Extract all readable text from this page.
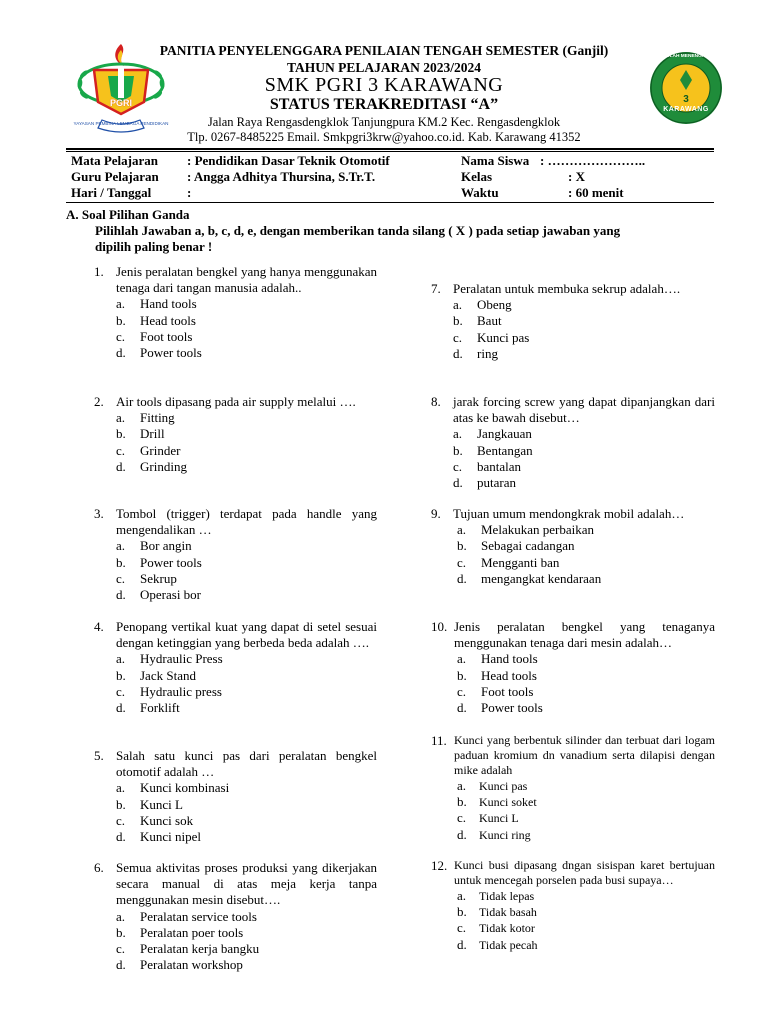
PGRI
YAYASAN PEMBINA LEMBAGA PENDIDIKAN
SEKOLAH MENENGAH KEJURUAN
3
KARAWANG
PANITIA PENYELENGGARA PENILAIAN TENGAH SEMESTER (Ganjil)
TAHUN PELAJARAN 2023/2024
SMK PGRI 3 KARAWANG
STATUS TERAKREDITASI “A”
Jalan Raya Rengasdengklok Tanjungpura KM.2 Kec. Rengasdengklok
Tlp. 0267-8485225 Email. Smkpgri3krw@yahoo.co.id. Kab. Karawang 41352
Mata Pelajaran : Pendidikan Dasar Teknik Otomotif
Guru Pelajaran : Angga Adhitya Thursina, S.Tr.T.
Hari / Tanggal	:
Nama Siswa : …………………..
Kelas	: X
Waktu	: 60 menit
A. Soal Pilihan Ganda
Pilihlah Jawaban a, b, c, d, e, dengan memberikan tanda silang ( X ) pada setiap jawaban yang
dipilih paling benar !
1. Jenis peralatan bengkel yang hanya menggunakan tenaga dari tangan manusia adalah..
a. Hand tools
b. Head tools
c. Foot tools
d. Power tools
2. Air tools dipasang pada air supply melalui ….
a. Fitting
b. Drill
c. Grinder
d. Grinding
3. Tombol (trigger) terdapat pada handle yang mengendalikan …
a. Bor angin
b. Power tools
c. Sekrup
d. Operasi bor
4. Penopang vertikal kuat yang dapat di setel sesuai dengan ketinggian yang berbeda beda adalah ….
a. Hydraulic Press
b. Jack Stand
c. Hydraulic press
d. Forklift
5. Salah satu kunci pas dari peralatan bengkel otomotif adalah …
a. Kunci kombinasi
b. Kunci L
c. Kunci sok
d. Kunci nipel
6. Semua aktivitas proses produksi yang dikerjakan secara manual di atas meja kerja tanpa menggunakan mesin disebut….
a. Peralatan service tools
b. Peralatan poer tools
c. Peralatan kerja bangku
d. Peralatan workshop
7. Peralatan untuk membuka sekrup adalah….
a. Obeng
b. Baut
c. Kunci pas
d. ring
8. jarak forcing screw yang dapat dipanjangkan dari atas ke bawah disebut…
a. Jangkauan
b. Bentangan
c. bantalan
d. putaran
9. Tujuan umum mendongkrak mobil adalah…
a. Melakukan perbaikan
b. Sebagai cadangan
c. Mengganti ban
d. mengangkat kendaraan
10. Jenis peralatan bengkel yang tenaganya menggunakan tenaga dari mesin adalah…
a. Hand tools
b. Head tools
c. Foot tools
d. Power tools
11. Kunci yang berbentuk silinder dan terbuat dari logam paduan kromium dn vanadium serta dilapisi dengan mike adalah
a. Kunci pas
b. Kunci soket
c. Kunci L
d. Kunci ring
12. Kunci busi dipasang dngan sisispan karet bertujuan untuk mencegah porselen pada busi supaya…
a. Tidak lepas
b. Tidak basah
c. Tidak kotor
d. Tidak pecah
